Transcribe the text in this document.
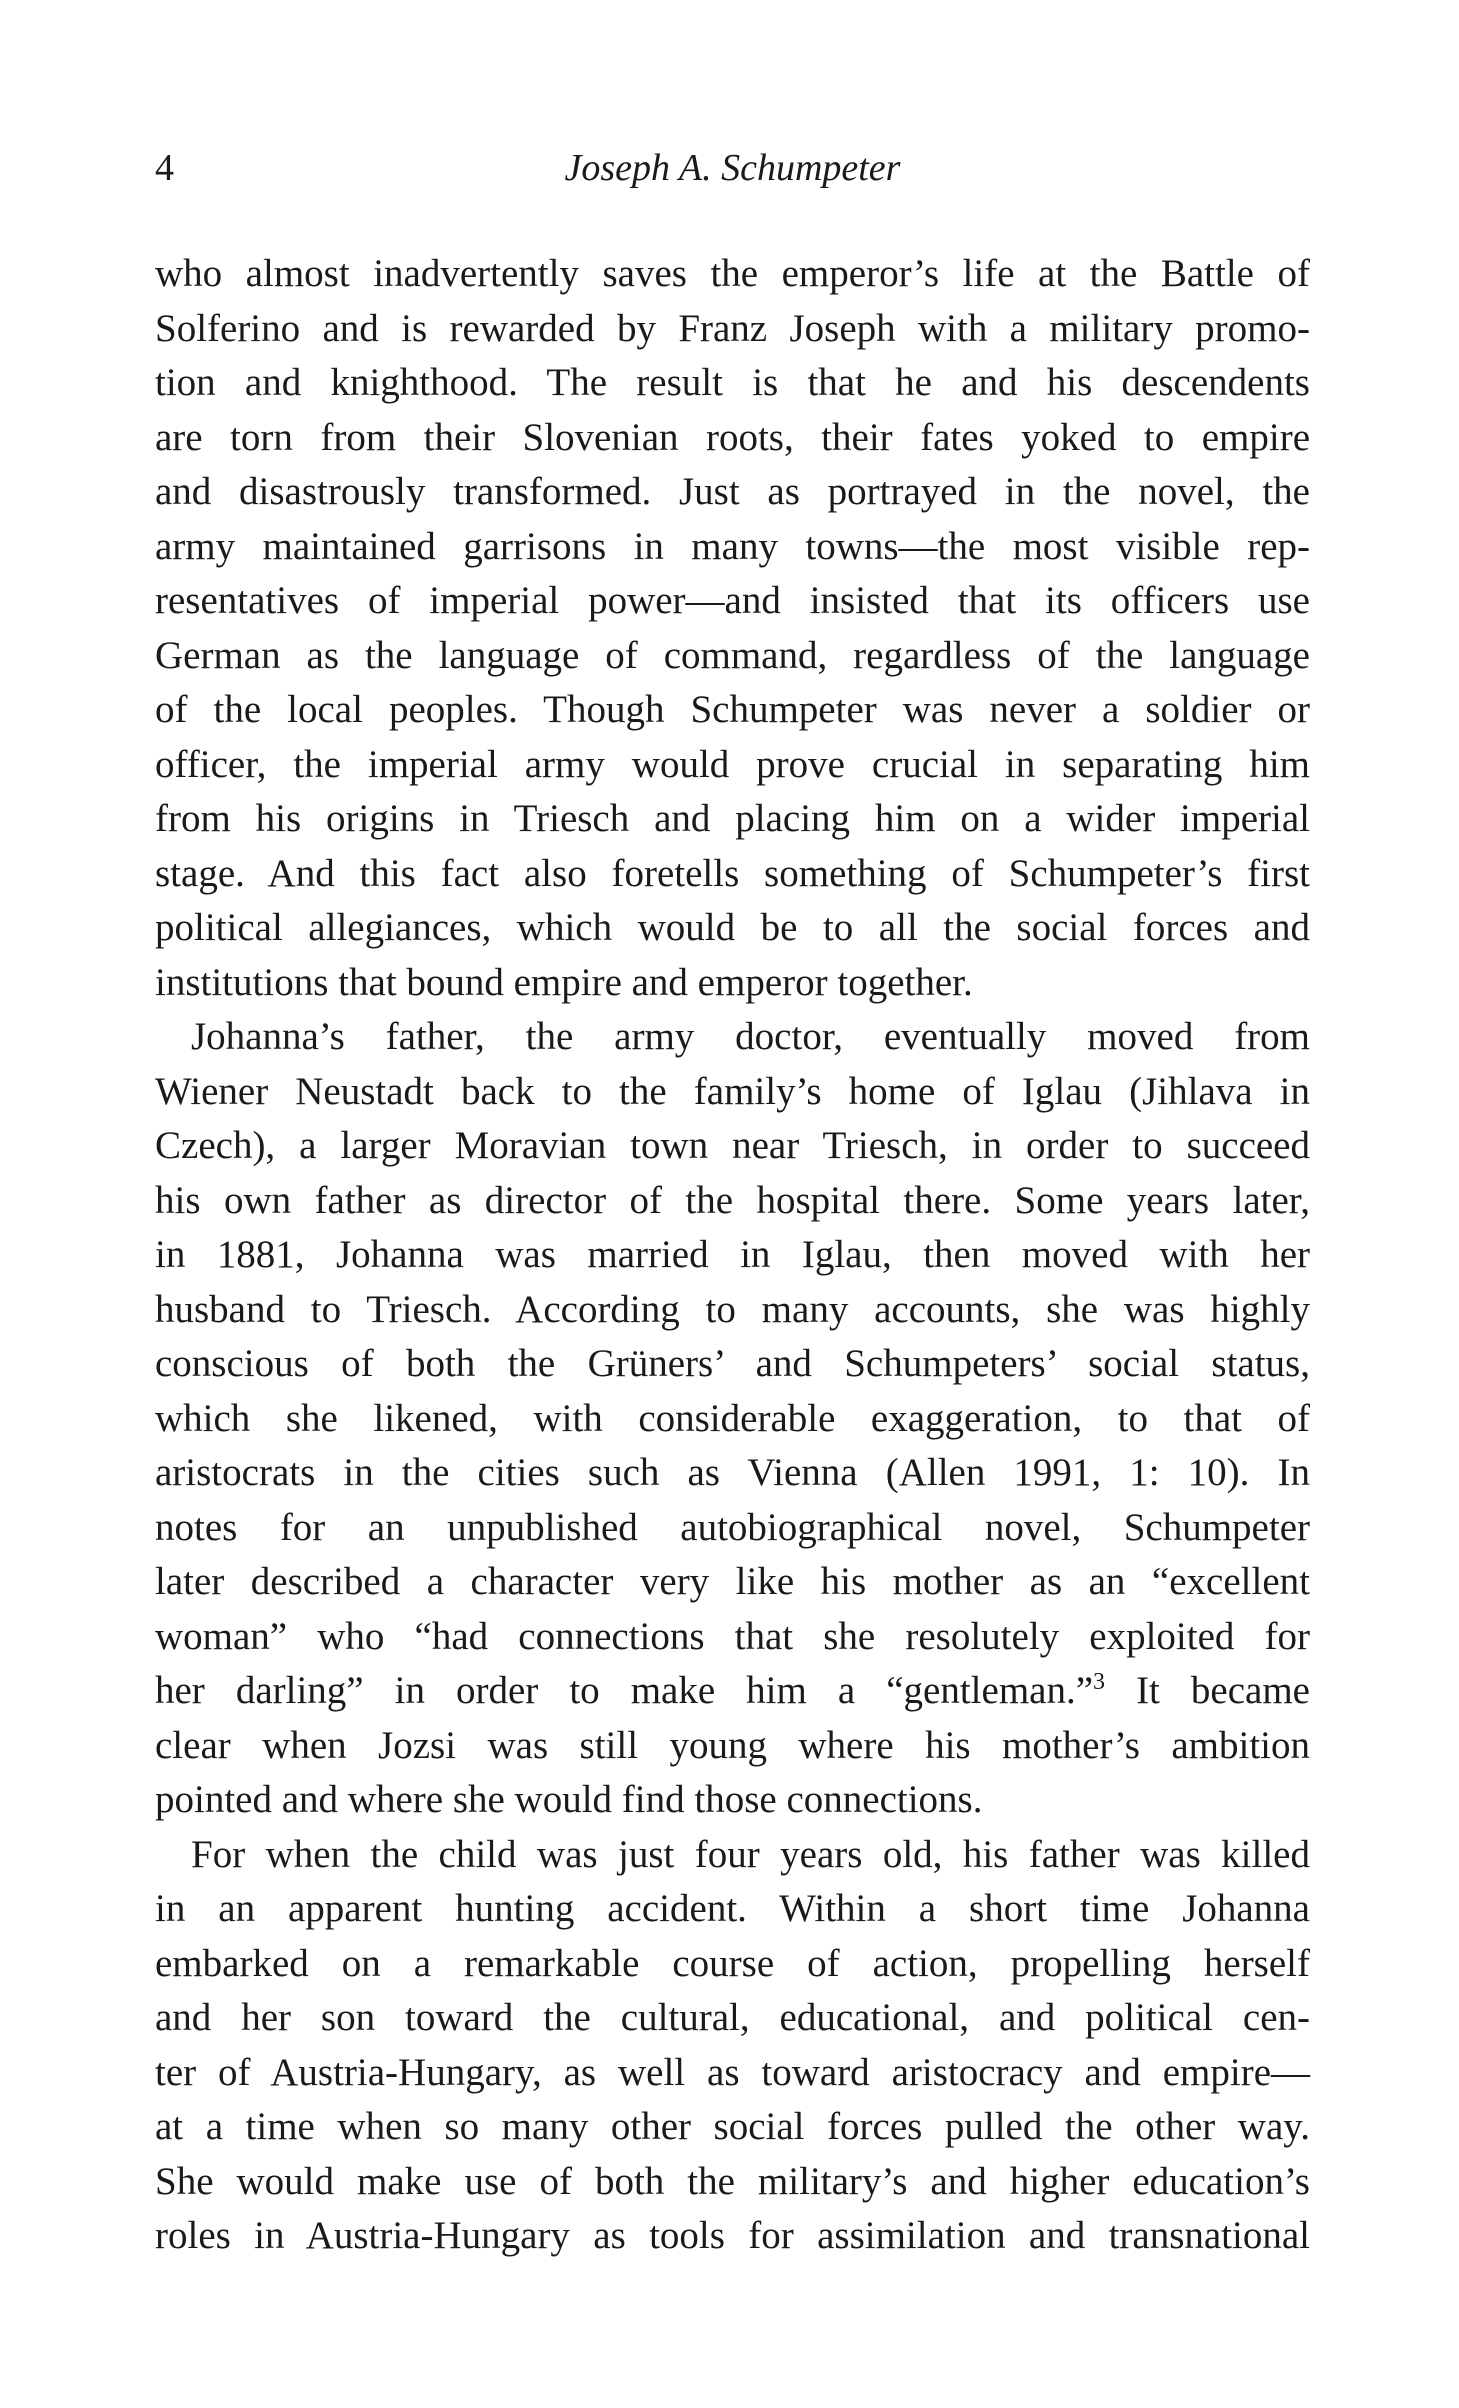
4	Joseph A. Schumpeter
who almost inadvertently saves the emperor’s life at the Battle of
Solferino and is rewarded by Franz Joseph with a military promo-
tion and knighthood. The result is that he and his descendents
are torn from their Slovenian roots, their fates yoked to empire
and disastrously transformed. Just as portrayed in the novel, the
army maintained garrisons in many towns—the most visible rep-
resentatives of imperial power—and insisted that its officers use
German as the language of command, regardless of the language
of the local peoples. Though Schumpeter was never a soldier or
officer, the imperial army would prove crucial in separating him
from his origins in Triesch and placing him on a wider imperial
stage. And this fact also foretells something of Schumpeter’s first
political allegiances, which would be to all the social forces and
institutions that bound empire and emperor together.
Johanna’s father, the army doctor, eventually moved from
Wiener Neustadt back to the family’s home of Iglau (Jihlava in
Czech), a larger Moravian town near Triesch, in order to succeed
his own father as director of the hospital there. Some years later,
in 1881, Johanna was married in Iglau, then moved with her
husband to Triesch. According to many accounts, she was highly
conscious of both the Grüners’ and Schumpeters’ social status,
which she likened, with considerable exaggeration, to that of
aristocrats in the cities such as Vienna (Allen 1991, 1: 10). In
notes for an unpublished autobiographical novel, Schumpeter
later described a character very like his mother as an “excellent
woman” who “had connections that she resolutely exploited for
her darling” in order to make him a “gentleman.”$^3$ It became
clear when Jozsi was still young where his mother’s ambition
pointed and where she would find those connections.
For when the child was just four years old, his father was killed
in an apparent hunting accident. Within a short time Johanna
embarked on a remarkable course of action, propelling herself
and her son toward the cultural, educational, and political cen-
ter of Austria-Hungary, as well as toward aristocracy and empire—
at a time when so many other social forces pulled the other way.
She would make use of both the military’s and higher education’s
roles in Austria-Hungary as tools for assimilation and transnational
